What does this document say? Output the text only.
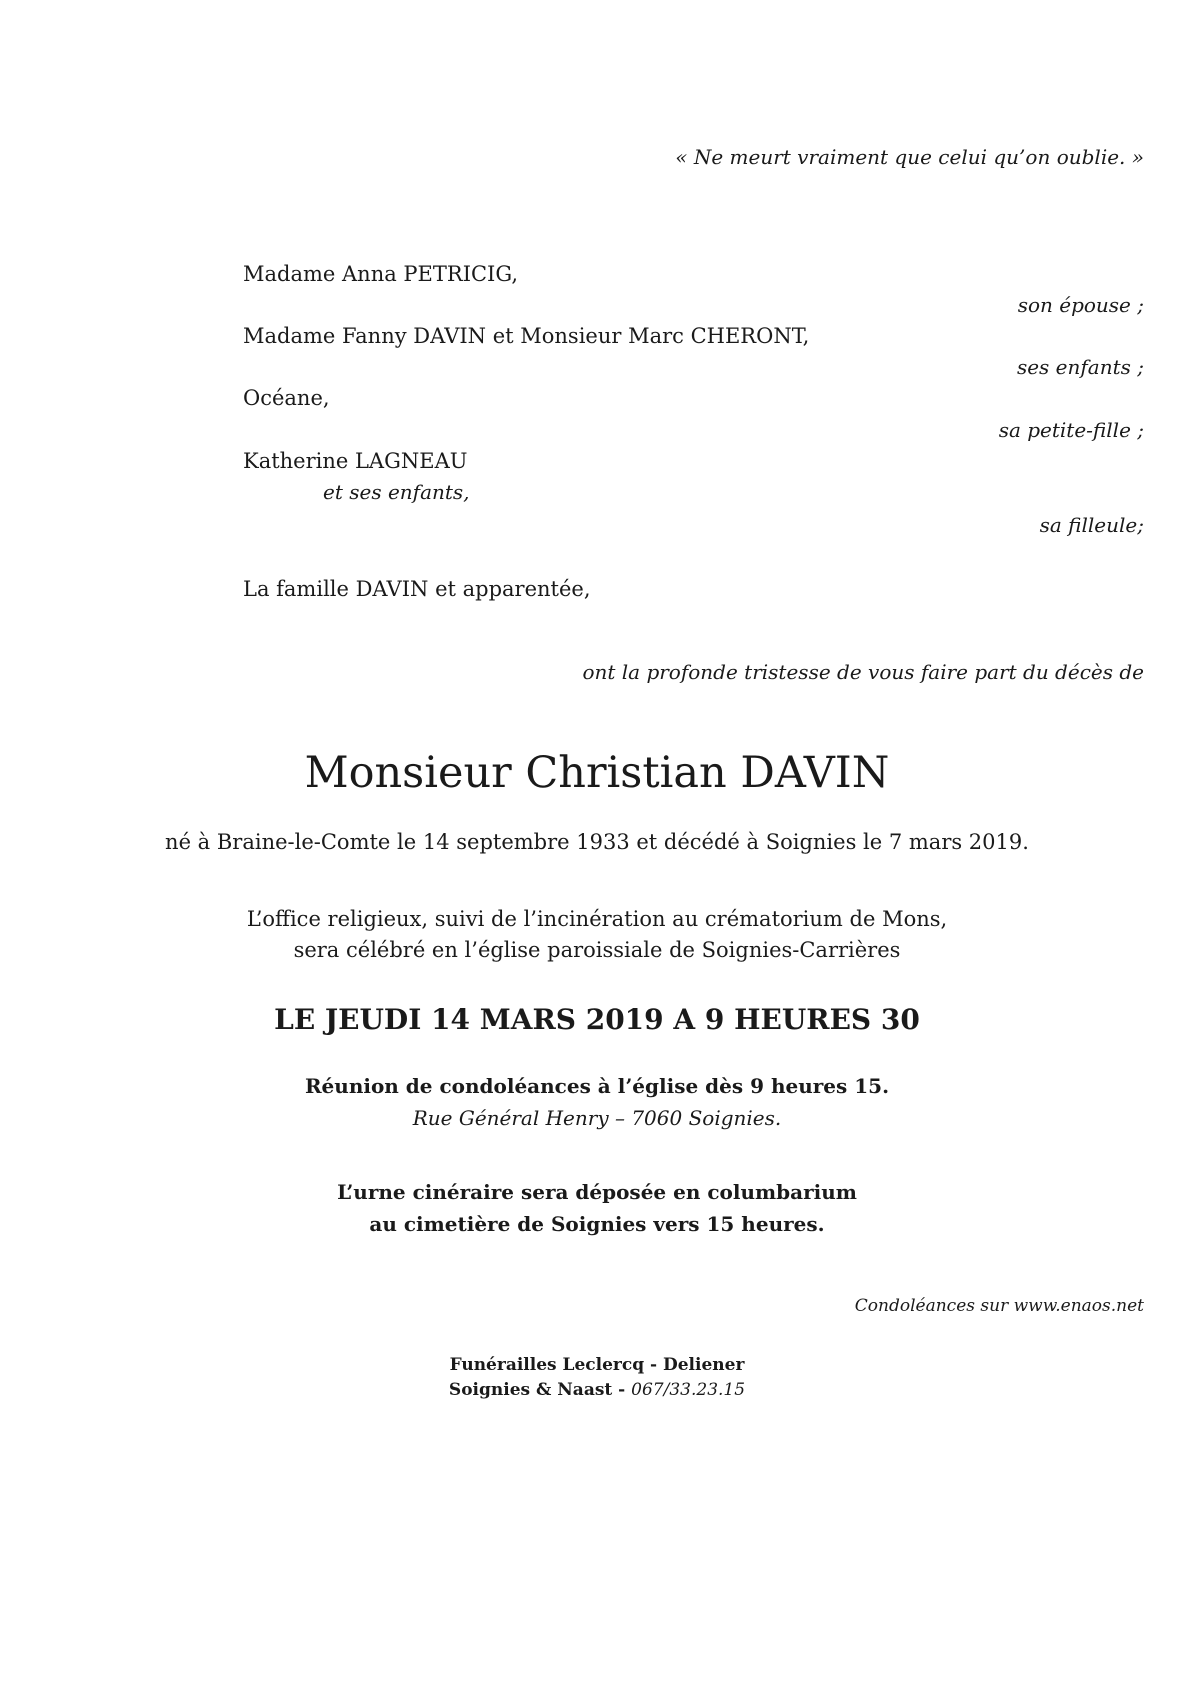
« Ne meurt vraiment que celui qu’on oublie. »
Madame Anna PETRICIG,
son épouse ;
Madame Fanny DAVIN et Monsieur Marc CHERONT,
ses enfants ;
Océane,
sa petite-fille ;
Katherine LAGNEAU
et ses enfants,
sa filleule;
La famille DAVIN et apparentée,
ont la profonde tristesse de vous faire part du décès de
Monsieur Christian DAVIN
né à Braine-le-Comte le 14 septembre 1933 et décédé à Soignies le 7 mars 2019.
L’office religieux, suivi de l’incinération au crématorium de Mons,
sera célébré en l’église paroissiale de Soignies-Carrières
LE JEUDI 14 MARS 2019 A 9 HEURES 30
Réunion de condoléances à l’église dès 9 heures 15.
Rue Général Henry – 7060 Soignies.
L’urne cinéraire sera déposée en columbarium
au cimetière de Soignies vers 15 heures.
Condoléances sur www.enaos.net
Funérailles Leclercq - Deliener
Soignies & Naast - 067/33.23.15
